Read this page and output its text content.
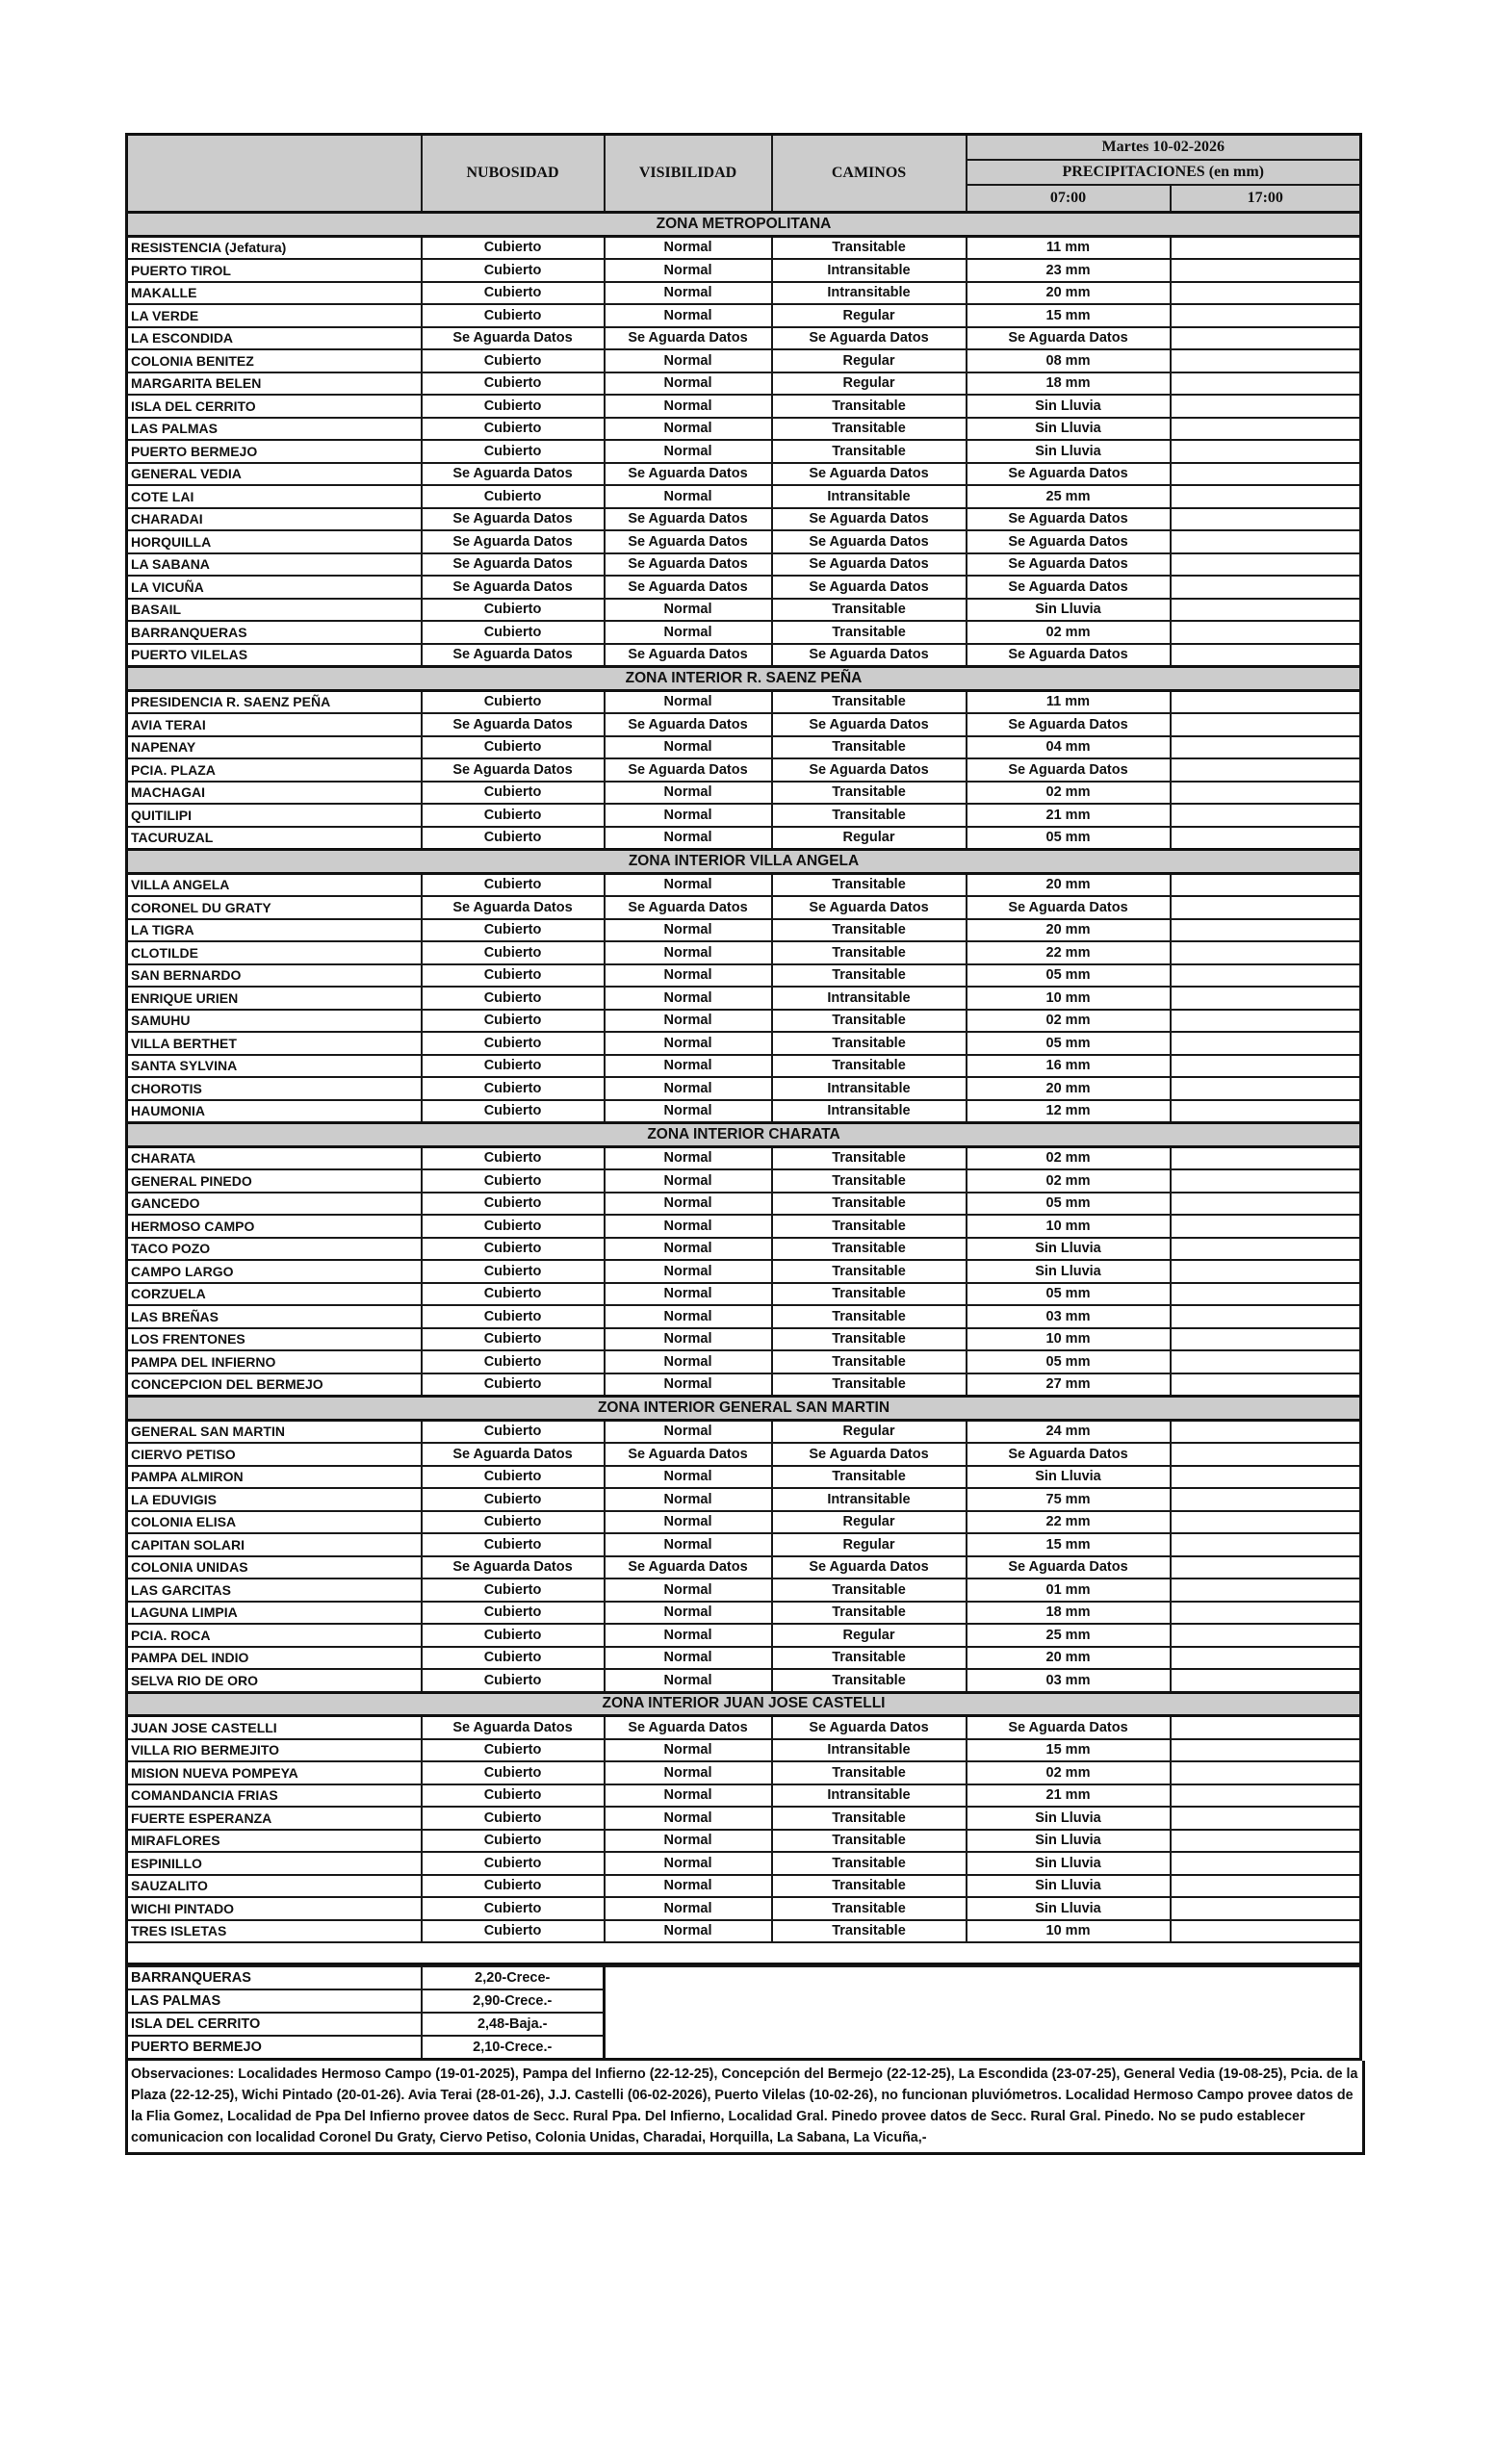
	NUBOSIDAD	VISIBILIDAD	CAMINOS	Martes 10-02-2026	
				PRECIPITACIONES (en mm)	
				07:00	17:00
ZONA METROPOLITANA					
RESISTENCIA (Jefatura)	Cubierto	Normal	Transitable	11 mm	
PUERTO TIROL	Cubierto	Normal	Intransitable	23 mm	
MAKALLE	Cubierto	Normal	Intransitable	20 mm	
LA VERDE	Cubierto	Normal	Regular	15 mm	
LA ESCONDIDA	Se Aguarda Datos	Se Aguarda Datos	Se Aguarda Datos	Se Aguarda Datos	
COLONIA BENITEZ	Cubierto	Normal	Regular	08 mm	
MARGARITA BELEN	Cubierto	Normal	Regular	18 mm	
ISLA DEL CERRITO	Cubierto	Normal	Transitable	Sin Lluvia	
LAS PALMAS	Cubierto	Normal	Transitable	Sin Lluvia	
PUERTO BERMEJO	Cubierto	Normal	Transitable	Sin Lluvia	
GENERAL VEDIA	Se Aguarda Datos	Se Aguarda Datos	Se Aguarda Datos	Se Aguarda Datos	
COTE LAI	Cubierto	Normal	Intransitable	25 mm	
CHARADAI	Se Aguarda Datos	Se Aguarda Datos	Se Aguarda Datos	Se Aguarda Datos	
HORQUILLA	Se Aguarda Datos	Se Aguarda Datos	Se Aguarda Datos	Se Aguarda Datos	
LA SABANA	Se Aguarda Datos	Se Aguarda Datos	Se Aguarda Datos	Se Aguarda Datos	
LA VICUÑA	Se Aguarda Datos	Se Aguarda Datos	Se Aguarda Datos	Se Aguarda Datos	
BASAIL	Cubierto	Normal	Transitable	Sin Lluvia	
BARRANQUERAS	Cubierto	Normal	Transitable	02 mm	
PUERTO VILELAS	Se Aguarda Datos	Se Aguarda Datos	Se Aguarda Datos	Se Aguarda Datos	
ZONA INTERIOR R. SAENZ PEÑA					
PRESIDENCIA R. SAENZ PEÑA	Cubierto	Normal	Transitable	11 mm	
AVIA TERAI	Se Aguarda Datos	Se Aguarda Datos	Se Aguarda Datos	Se Aguarda Datos	
NAPENAY	Cubierto	Normal	Transitable	04 mm	
PCIA. PLAZA	Se Aguarda Datos	Se Aguarda Datos	Se Aguarda Datos	Se Aguarda Datos	
MACHAGAI	Cubierto	Normal	Transitable	02 mm	
QUITILIPI	Cubierto	Normal	Transitable	21 mm	
TACURUZAL	Cubierto	Normal	Regular	05 mm	
ZONA INTERIOR VILLA ANGELA					
VILLA ANGELA	Cubierto	Normal	Transitable	20 mm	
CORONEL DU GRATY	Se Aguarda Datos	Se Aguarda Datos	Se Aguarda Datos	Se Aguarda Datos	
LA TIGRA	Cubierto	Normal	Transitable	20 mm	
CLOTILDE	Cubierto	Normal	Transitable	22 mm	
SAN BERNARDO	Cubierto	Normal	Transitable	05 mm	
ENRIQUE URIEN	Cubierto	Normal	Intransitable	10 mm	
SAMUHU	Cubierto	Normal	Transitable	02 mm	
VILLA BERTHET	Cubierto	Normal	Transitable	05 mm	
SANTA SYLVINA	Cubierto	Normal	Transitable	16 mm	
CHOROTIS	Cubierto	Normal	Intransitable	20 mm	
HAUMONIA	Cubierto	Normal	Intransitable	12 mm	
ZONA INTERIOR CHARATA					
CHARATA	Cubierto	Normal	Transitable	02 mm	
GENERAL PINEDO	Cubierto	Normal	Transitable	02 mm	
GANCEDO	Cubierto	Normal	Transitable	05 mm	
HERMOSO CAMPO	Cubierto	Normal	Transitable	10 mm	
TACO POZO	Cubierto	Normal	Transitable	Sin Lluvia	
CAMPO LARGO	Cubierto	Normal	Transitable	Sin Lluvia	
CORZUELA	Cubierto	Normal	Transitable	05 mm	
LAS BREÑAS	Cubierto	Normal	Transitable	03 mm	
LOS FRENTONES	Cubierto	Normal	Transitable	10 mm	
PAMPA DEL INFIERNO	Cubierto	Normal	Transitable	05 mm	
CONCEPCION DEL BERMEJO	Cubierto	Normal	Transitable	27 mm	
ZONA INTERIOR GENERAL SAN MARTIN					
GENERAL SAN MARTIN	Cubierto	Normal	Regular	24 mm	
CIERVO PETISO	Se Aguarda Datos	Se Aguarda Datos	Se Aguarda Datos	Se Aguarda Datos	
PAMPA ALMIRON	Cubierto	Normal	Transitable	Sin Lluvia	
LA EDUVIGIS	Cubierto	Normal	Intransitable	75 mm	
COLONIA ELISA	Cubierto	Normal	Regular	22 mm	
CAPITAN SOLARI	Cubierto	Normal	Regular	15 mm	
COLONIA UNIDAS	Se Aguarda Datos	Se Aguarda Datos	Se Aguarda Datos	Se Aguarda Datos	
LAS GARCITAS	Cubierto	Normal	Transitable	01 mm	
LAGUNA LIMPIA	Cubierto	Normal	Transitable	18 mm	
PCIA. ROCA	Cubierto	Normal	Regular	25 mm	
PAMPA DEL INDIO	Cubierto	Normal	Transitable	20 mm	
SELVA RIO DE ORO	Cubierto	Normal	Transitable	03 mm	
ZONA INTERIOR JUAN JOSE CASTELLI					
JUAN JOSE CASTELLI	Se Aguarda Datos	Se Aguarda Datos	Se Aguarda Datos	Se Aguarda Datos	
VILLA RIO BERMEJITO	Cubierto	Normal	Intransitable	15 mm	
MISION NUEVA POMPEYA	Cubierto	Normal	Transitable	02 mm	
COMANDANCIA FRIAS	Cubierto	Normal	Intransitable	21 mm	
FUERTE ESPERANZA	Cubierto	Normal	Transitable	Sin Lluvia	
MIRAFLORES	Cubierto	Normal	Transitable	Sin Lluvia	
ESPINILLO	Cubierto	Normal	Transitable	Sin Lluvia	
SAUZALITO	Cubierto	Normal	Transitable	Sin Lluvia	
WICHI PINTADO	Cubierto	Normal	Transitable	Sin Lluvia	
TRES ISLETAS	Cubierto	Normal	Transitable	10 mm	

BARRANQUERAS	2,20-Crece-	
LAS PALMAS	2,90-Crece.-	
ISLA DEL CERRITO	2,48-Baja.-	
PUERTO BERMEJO	2,10-Crece.-	
Observaciones: Localidades Hermoso Campo (19-01-2025), Pampa del Infierno (22-12-25), Concepción del Bermejo (22-12-25), La Escondida (23-07-25), General Vedia (19-08-25), Pcia. de la Plaza (22-12-25), Wichi Pintado (20-01-26). Avia Terai (28-01-26), J.J. Castelli (06-02-2026), Puerto Vilelas (10-02-26), no funcionan pluviómetros. Localidad Hermoso Campo provee datos de la Flia Gomez, Localidad de Ppa Del Infierno provee datos de Secc. Rural Ppa. Del Infierno, Localidad Gral. Pinedo provee datos de Secc. Rural Gral. Pinedo. No se pudo establecer comunicacion con localidad Coronel Du Graty, Ciervo Petiso, Colonia Unidas, Charadai, Horquilla, La Sabana, La Vicuña,-
